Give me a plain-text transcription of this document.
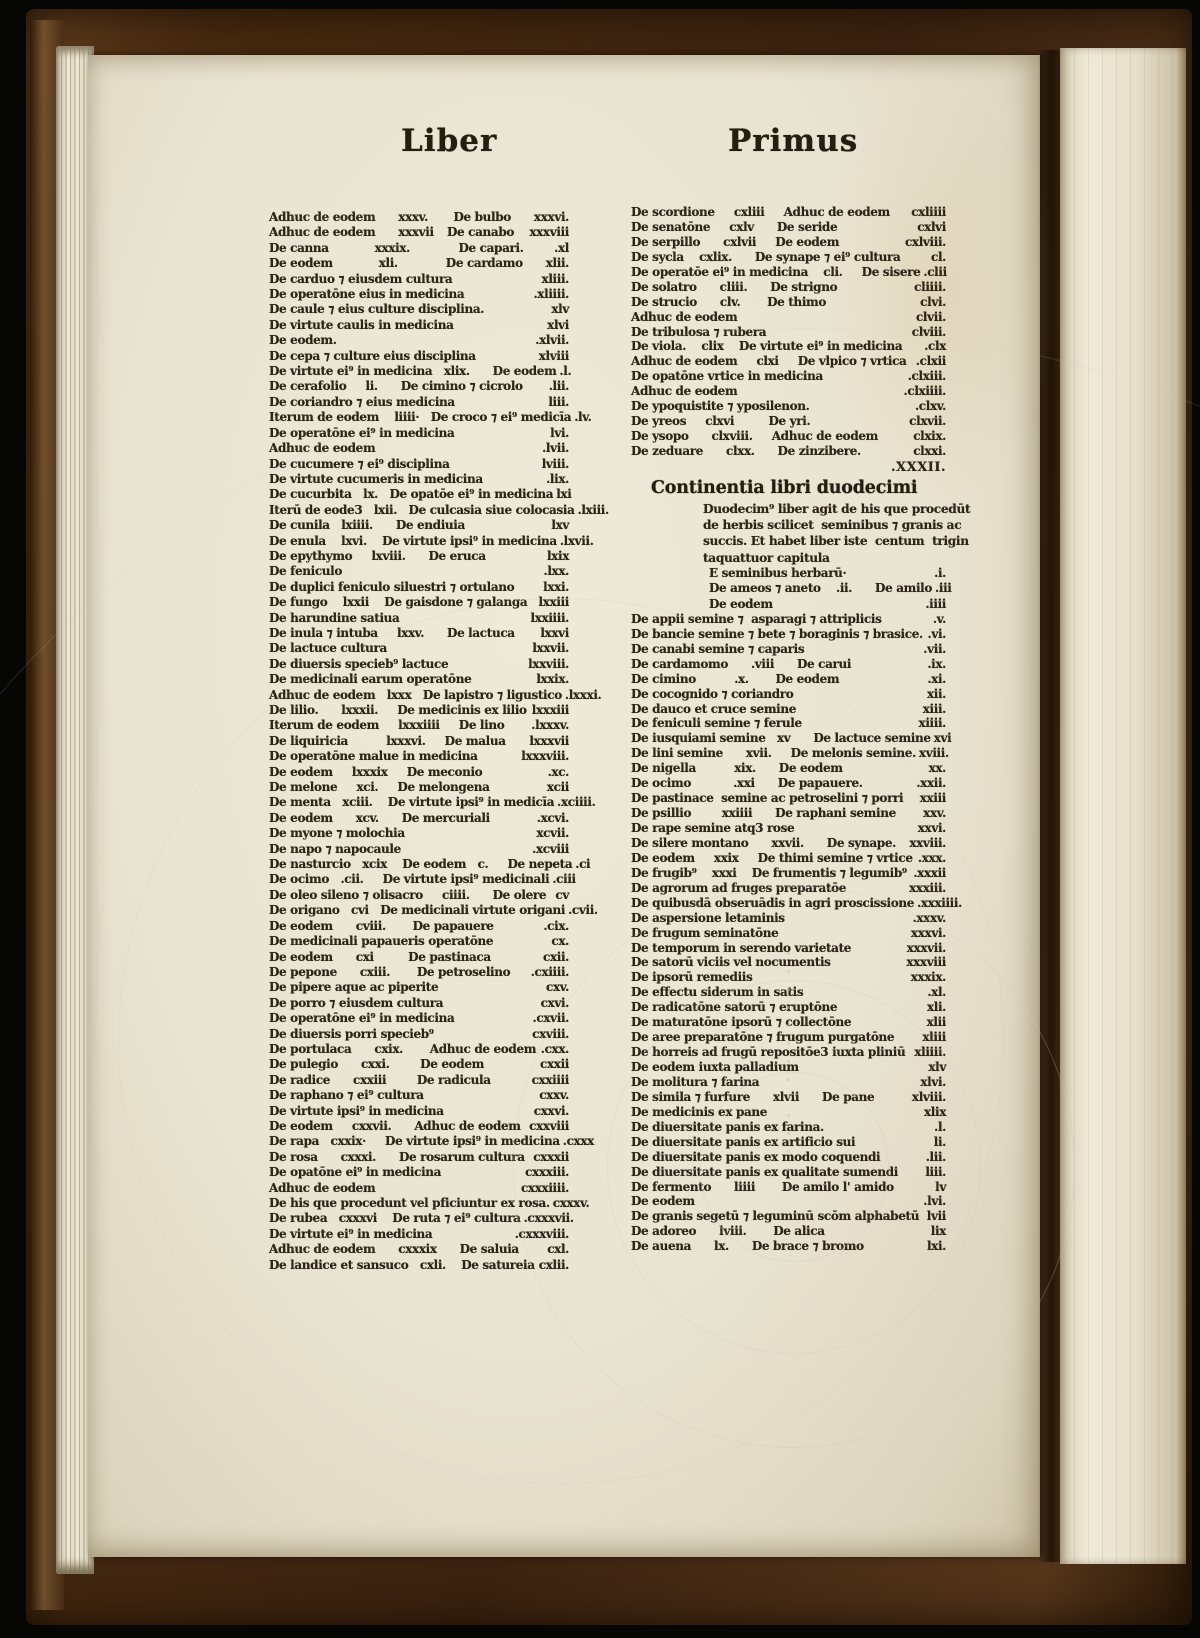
Liber	Primus
Adhuc de eodem      xxxv. De bulbo      xxxvi.
Adhuc de eodem      xxxvii De canabo    xxxviii
De canna            xxxix.	De capari.        .xl
De eodem            xli.	De cardamo      xlii.
De carduo ⁊ eiusdem cultura	xliii.
De operatōne eius in medicina	.xliiii.
De caule ⁊ eius culture disciplina.	xlv
De virtute caulis in medicina	xlvi
De eodem.	.xlvii.
De cepa ⁊ culture eius disciplina	xlviii
De virtute ei⁹ in medicina   xlix.      De eodem .l.
De cerafolio     li.      De cimino ⁊ cicrolo .lii.
De coriandro ⁊ eius medicina	liii.
Iterum de eodem    liiii·   De croco ⁊ ei⁹ medicīa .lv.
De operatōne ei⁹ in medicina	lvi.
Adhuc de eodem	.lvii.
De cucumere ⁊ ei⁹ disciplina	lviii.
De virtute cucumeris in medicina	.lix.
De cucurbita   lx.   De opatōe ei⁹ in medicina lxi
Iterū de eode3   lxii.   De culcasia siue colocasia .lxiii.
De cunila   lxiiii.      De endiuia	lxv
De enula    lxvi.    De virtute ipsi⁹ in medicina .lxvii.
De epythymo     lxviii.      De eruca	lxix
De feniculo	.lxx.
De duplici feniculo siluestri ⁊ ortulano lxxi.
De fungo    lxxii    De gaisdone ⁊ galanga lxxiii
De harundine satiua	lxxiiii.
De inula ⁊ intuba     lxxv.      De lactuca lxxvi
De lactuce cultura	lxxvii.
De diuersis specieb⁹ lactuce	lxxviii.
De medicinali earum operatōne	lxxix.
Adhuc de eodem   lxxx   De lapistro ⁊ ligustico .lxxxi.
De lilio.      lxxxii.     De medicinis ex lilio lxxxiii
Iterum de eodem     lxxxiiii     De lino .lxxxv.
De liquiricia          lxxxvi.     De malua lxxxvii
De operatōne malue in medicina	lxxxviii.
De eodem     lxxxix     De meconio	.xc.
De melone     xci.     De melongena	xcii
De menta   xciii.    De virtute ipsi⁹ in medicīa .xciiii.
De eodem      xcv.      De mercuriali	.xcvi.
De myone ⁊ molochia	xcvii.
De napo ⁊ napocaule	.xcviii
De nasturcio   xcix    De eodem   c.     De nepeta .ci
De ocimo   .cii.     De virtute ipsi⁹ medicinali .ciii
De oleo sileno ⁊ olisacro     ciiii.      De olere cv
De origano   cvi   De medicinali virtute origani .cvii.
De eodem      cviii.       De papauere	.cix.
De medicinali papaueris operatōne	cx.
De eodem      cxi         De pastinaca	cxii.
De pepone      cxiii.       De petroselino .cxiiii.
De pipere aque ac piperite	cxv.
De porro ⁊ eiusdem cultura	cxvi.
De operatōne ei⁹ in medicina	.cxvii.
De diuersis porri specieb⁹	cxviii.
De portulaca      cxix.       Adhuc de eodem .cxx.
De pulegio      cxxi.        De eodem	cxxii
De radice      cxxiii        De radicula	cxxiiii
De raphano ⁊ ei⁹ cultura	cxxv.
De virtute ipsi⁹ in medicina	cxxvi.
De eodem     cxxvii.      Adhuc de eodem cxxviii
De rapa   cxxix·     De virtute ipsi⁹ in medicina .cxxx
De rosa      cxxxi.      De rosarum cultura cxxxii
De opatōne ei⁹ in medicina	cxxxiii.
Adhuc de eodem	cxxxiiii.
De his que procedunt vel pficiuntur ex rosa. cxxxv.
De rubea   cxxxvi    De ruta ⁊ ei⁹ cultura .cxxxvii.
De virtute ei⁹ in medicina	.cxxxviii.
Adhuc de eodem      cxxxix      De saluia cxl.
De landice et sansuco   cxli.    De satureia cxlii.
De scordione     cxliii     Adhuc de eodem cxliiii
De senatōne     cxlv      De seride	cxlvi
De serpillo      cxlvii     De eodem	cxlviii.
De sycla    cxlix.      De synape ⁊ ei⁹ cultura	cl.
De operatōe ei⁹ in medicina    cli.     De sisere .clii
De solatro      cliii.      De strigno	cliiii.
De strucio      clv.       De thimo	clvi.
Adhuc de eodem	clvii.
De tribulosa ⁊ rubera	clviii.
De viola.    clix    De virtute ei⁹ in medicina .clx
Adhuc de eodem     clxi     De vlpico ⁊ vrtica .clxii
De opatōne vrtice in medicina	.clxiii.
Adhuc de eodem	.clxiiii.
De ypoquistite ⁊ yposilenon.	.clxv.
De yreos     clxvi         De yri.	clxvii.
De ysopo      clxviii.     Adhuc de eodem	clxix.
De zeduare      clxx.      De zinzibere.	clxxi.
.XXXII.
Continentia libri duodecimi
Duodecim⁹ liber agit de his que procedūt
de herbis scilicet  seminibus ⁊ granis ac
succis. Et habet liber iste  centum  trigin
taquattuor capitula
E seminibus herbarū·	.i.
De ameos ⁊ aneto    .ii.      De amilo .iii
De eodem	.iiii
De appii semine ⁊  asparagi ⁊ attriplicis	.v.
De bancie semine ⁊ bete ⁊ boraginis ⁊ brasice. .vi.
De canabi semine ⁊ caparis	.vii.
De cardamomo      .viii      De carui	.ix.
De cimino          .x.       De eodem	.xi.
De cocognido ⁊ coriandro	xii.
De dauco et cruce semine	xiii.
De feniculi semine ⁊ ferule	xiiii.
De iusquiami semine   xv      De lactuce semine xvi
De lini semine      xvii.     De melonis semine. xviii.
De nigella          xix.      De eodem	xx.
De ocimo           .xxi      De papauere.	.xxii.
De pastinace  semine ac petroselini ⁊ porri xxiii
De psillio        xxiiii      De raphani semine xxv.
De rape semine atq3 rose	xxvi.
De silere montano      xxvii.      De synape. xxviii.
De eodem     xxix     De thimi semine ⁊ vrtice .xxx.
De frugib⁹    xxxi    De frumentis ⁊ legumib⁹ .xxxii
De agrorum ad fruges preparatōe	xxxiii.
De quibusdā obseruādis in agri proscissione .xxxiiii.
De aspersione letaminis	.xxxv.
De frugum seminatōne	xxxvi.
De temporum in serendo varietate	xxxvii.
De satorū viciis vel nocumentis	xxxviii
De ipsorū remediis	xxxix.
De effectu siderum in satis	.xl.
De radicatōne satorū ⁊ eruptōne	xli.
De maturatōne ipsorū ⁊ collectōne	xlii
De aree preparatōne ⁊ frugum purgatōne xliii
De horreis ad frugū repositōe3 iuxta pliniū xliiii.
De eodem iuxta palladium	xlv
De molitura ⁊ farina	xlvi.
De simila ⁊ furfure      xlvii      De pane	xlviii.
De medicinis ex pane	xlix
De diuersitate panis ex farina.	.l.
De diuersitate panis ex artificio sui	li.
De diuersitate panis ex modo coquendi	.lii.
De diuersitate panis ex qualitate sumendi liii.
De fermento      liiii       De amilo l' amido	lv
De eodem	.lvi.
De granis segetū ⁊ leguminū scōm alphabetū lvii
De adoreo      lviii.       De alica	lix
De auena      lx.      De brace ⁊ bromo	lxi.
